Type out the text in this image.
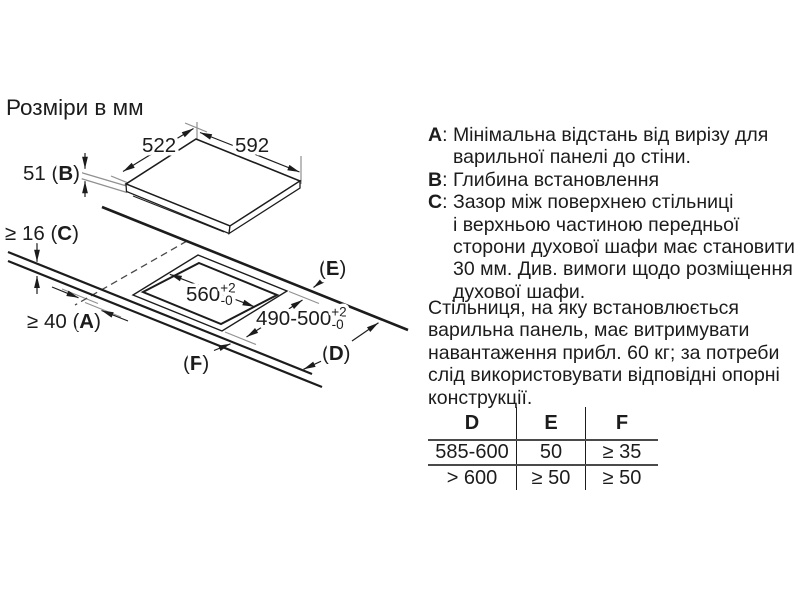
Розміри в мм
592
522
51 (B)
≥ 16 (C)
≥ 40 (A)
$560^{+2}$ -0
$490-500^{+2}$ -0
(E)
(D)
(F)
A: Мінімальна відстань від вирізу для
варильної панелі до стіни.
B: Глибина встановлення
C: Зазор між поверхнею стільниці
і верхньою частиною передньої
сторони духової шафи має становити
30 мм. Див. вимоги щодо розміщення
духової шафи.
Стільниця, на яку встановлюється
варильна панель, має витримувати
навантаження прибл. 60 кг; за потреби
слід використовувати відповідні опорні
конструкції.
D	E	F
585-600	50	≥ 35
> 600	≥ 50	≥ 50
